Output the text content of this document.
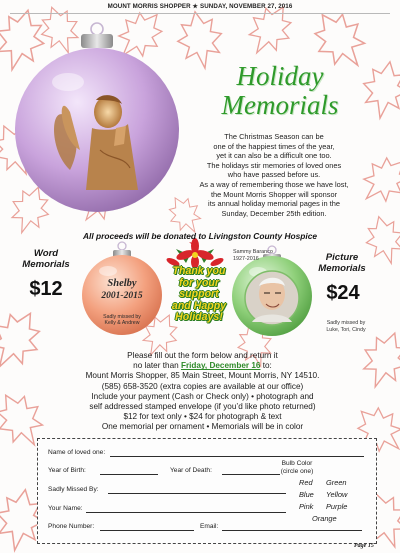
MOUNT MORRIS SHOPPER ★ SUNDAY, NOVEMBER 27, 2016
Holiday
Memorials
The Christmas Season can be
one of the happiest times of the year,
yet it can also be a difficult one too.
The holidays stir memories of loved ones
who have passed before us.
As a way of remembering those we have lost,
the Mount Morris Shopper will sponsor
its annual holiday memorial pages in the
Sunday, December 25th edition.
All proceeds will be donated to Livingston County Hospice
Word
Memorials
$12
Picture
Memorials
$24
Shelby
2001-2015
Sadly missed by
Kelly & Andrew
Sammy Baranco
1927-2016
Sadly missed by
Luke, Tori, Cindy
Thank you
for your
support
and Happy
Holidays!
Please fill out the form below and return it
no later than Friday, December 16 to:
Mount Morris Shopper, 85 Main Street, Mount Morris, NY 14510.
(585) 658-3520 (extra copies are available at our office)
Include your payment (Cash or Check only) • photograph and
self addressed stamped envelope (if you’d like photo returned)
$12 for text only • $24 for photograph & text
One memorial per ornament • Memorials will be in color
Name of loved one:
Year of Birth:	Year of Death:
Bulb Color
(circle one)
Red Green
Blue Yellow
Pink Purple
Orange
Sadly Missed By:
Your Name:
Phone Number:	Email:
Page 15
